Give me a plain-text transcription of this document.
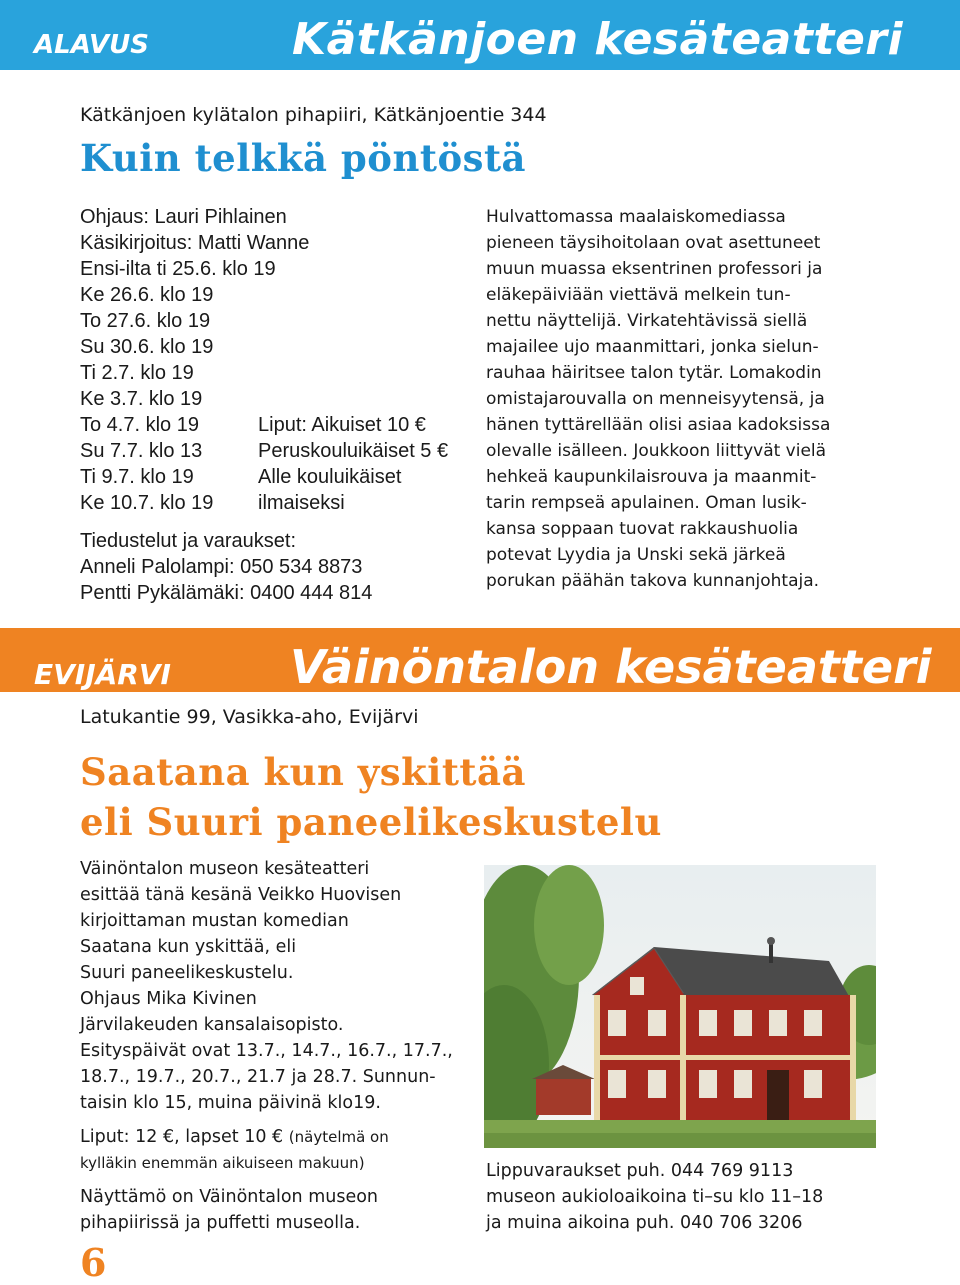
ALAVUS	Kätkänjoen kesäteatteri
Kätkänjoen kylätalon pihapiiri, Kätkänjoentie 344
Kuin telkkä pöntöstä
Ohjaus: Lauri Pihlainen
Käsikirjoitus: Matti Wanne
Ensi-ilta ti 25.6. klo 19
Ke 26.6. klo 19
To 27.6. klo 19
Su 30.6. klo 19
Ti 2.7. klo 19
Ke 3.7. klo 19
To 4.7. klo 19
Su 7.7. klo 13
Ti 9.7. klo 19
Ke 10.7. klo 19
Liput: Aikuiset 10 €
Peruskouluikäiset 5 €
Alle kouluikäiset
ilmaiseksi
Tiedustelut ja varaukset:
Anneli Palolampi: 050 534 8873
Pentti Pykälämäki: 0400 444 814
Hulvattomassa maalaiskomediassa
pieneen täysihoitolaan ovat asettuneet
muun muassa eksentrinen professori ja
eläkepäiviään viettävä melkein tun-
nettu näyttelijä. Virkatehtävissä siellä
majailee ujo maanmittari, jonka sielun-
rauhaa häiritsee talon tytär. Lomakodin
omistajarouvalla on menneisyytensä, ja
hänen tyttärellään olisi asiaa kadoksissa
olevalle isälleen. Joukkoon liittyvät vielä
hehkeä kaupunkilaisrouva ja maanmit-
tarin rempseä apulainen. Oman lusik-
kansa soppaan tuovat rakkaushuolia
potevat Lyydia ja Unski sekä järkeä
porukan päähän takova kunnanjohtaja.
EVIJÄRVI	Väinöntalon kesäteatteri
Latukantie 99, Vasikka-aho, Evijärvi
Saatana kun yskittää
eli Suuri paneelikeskustelu
Väinöntalon museon kesäteatteri
esittää tänä kesänä Veikko Huovisen
kirjoittaman mustan komedian
Saatana kun yskittää, eli
Suuri paneelikeskustelu.
Ohjaus Mika Kivinen
Järvilakeuden kansalaisopisto.
Esityspäivät ovat 13.7., 14.7., 16.7., 17.7.,
18.7., 19.7., 20.7., 21.7 ja 28.7. Sunnun-
taisin klo 15, muina päivinä klo19.
Liput: 12 €, lapset 10 € (näytelmä on
kylläkin enemmän aikuiseen makuun)
Näyttämö on Väinöntalon museon
pihapiirissä ja puffetti museolla.
Lippuvaraukset puh. 044 769 9113
museon aukioloaikoina ti–su klo 11–18
ja muina aikoina puh. 040 706 3206
6
